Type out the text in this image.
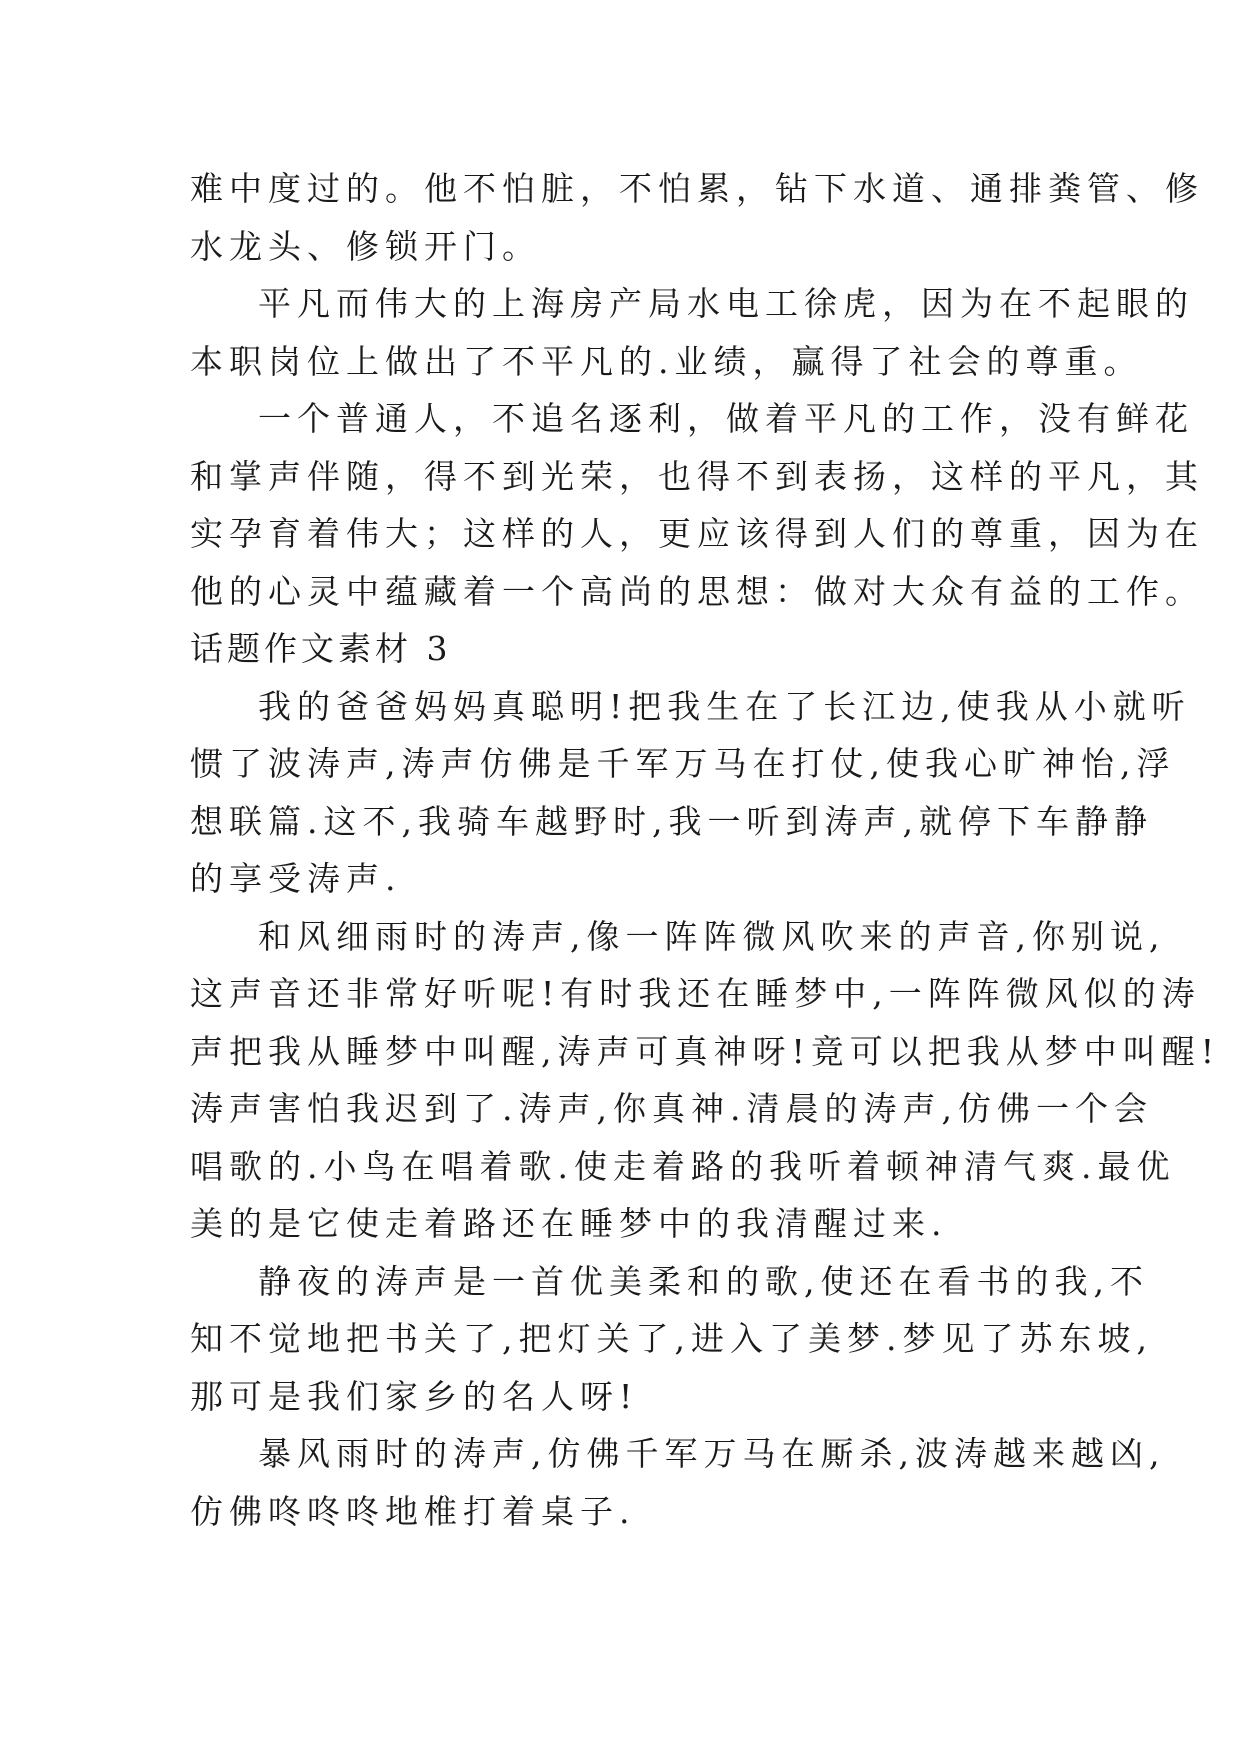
难中度过的。他不怕脏，不怕累，钻下水道、通排粪管、修
水龙头、修锁开门。
平凡而伟大的上海房产局水电工徐虎，因为在不起眼的
本职岗位上做出了不平凡的.业绩，赢得了社会的尊重。
一个普通人，不追名逐利，做着平凡的工作，没有鲜花
和掌声伴随，得不到光荣，也得不到表扬，这样的平凡，其
实孕育着伟大；这样的人，更应该得到人们的尊重，因为在
他的心灵中蕴藏着一个高尚的思想：做对大众有益的工作。
话题作文素材 3
我的爸爸妈妈真聪明!把我生在了长江边,使我从小就听
惯了波涛声,涛声仿佛是千军万马在打仗,使我心旷神怡,浮
想联篇.这不,我骑车越野时,我一听到涛声,就停下车静静
的享受涛声.
和风细雨时的涛声,像一阵阵微风吹来的声音,你别说,
这声音还非常好听呢!有时我还在睡梦中,一阵阵微风似的涛
声把我从睡梦中叫醒,涛声可真神呀!竟可以把我从梦中叫醒!
涛声害怕我迟到了.涛声,你真神.清晨的涛声,仿佛一个会
唱歌的.小鸟在唱着歌.使走着路的我听着顿神清气爽.最优
美的是它使走着路还在睡梦中的我清醒过来.
静夜的涛声是一首优美柔和的歌,使还在看书的我,不
知不觉地把书关了,把灯关了,进入了美梦.梦见了苏东坡,
那可是我们家乡的名人呀!
暴风雨时的涛声,仿佛千军万马在厮杀,波涛越来越凶,
仿佛咚咚咚地椎打着桌子.
